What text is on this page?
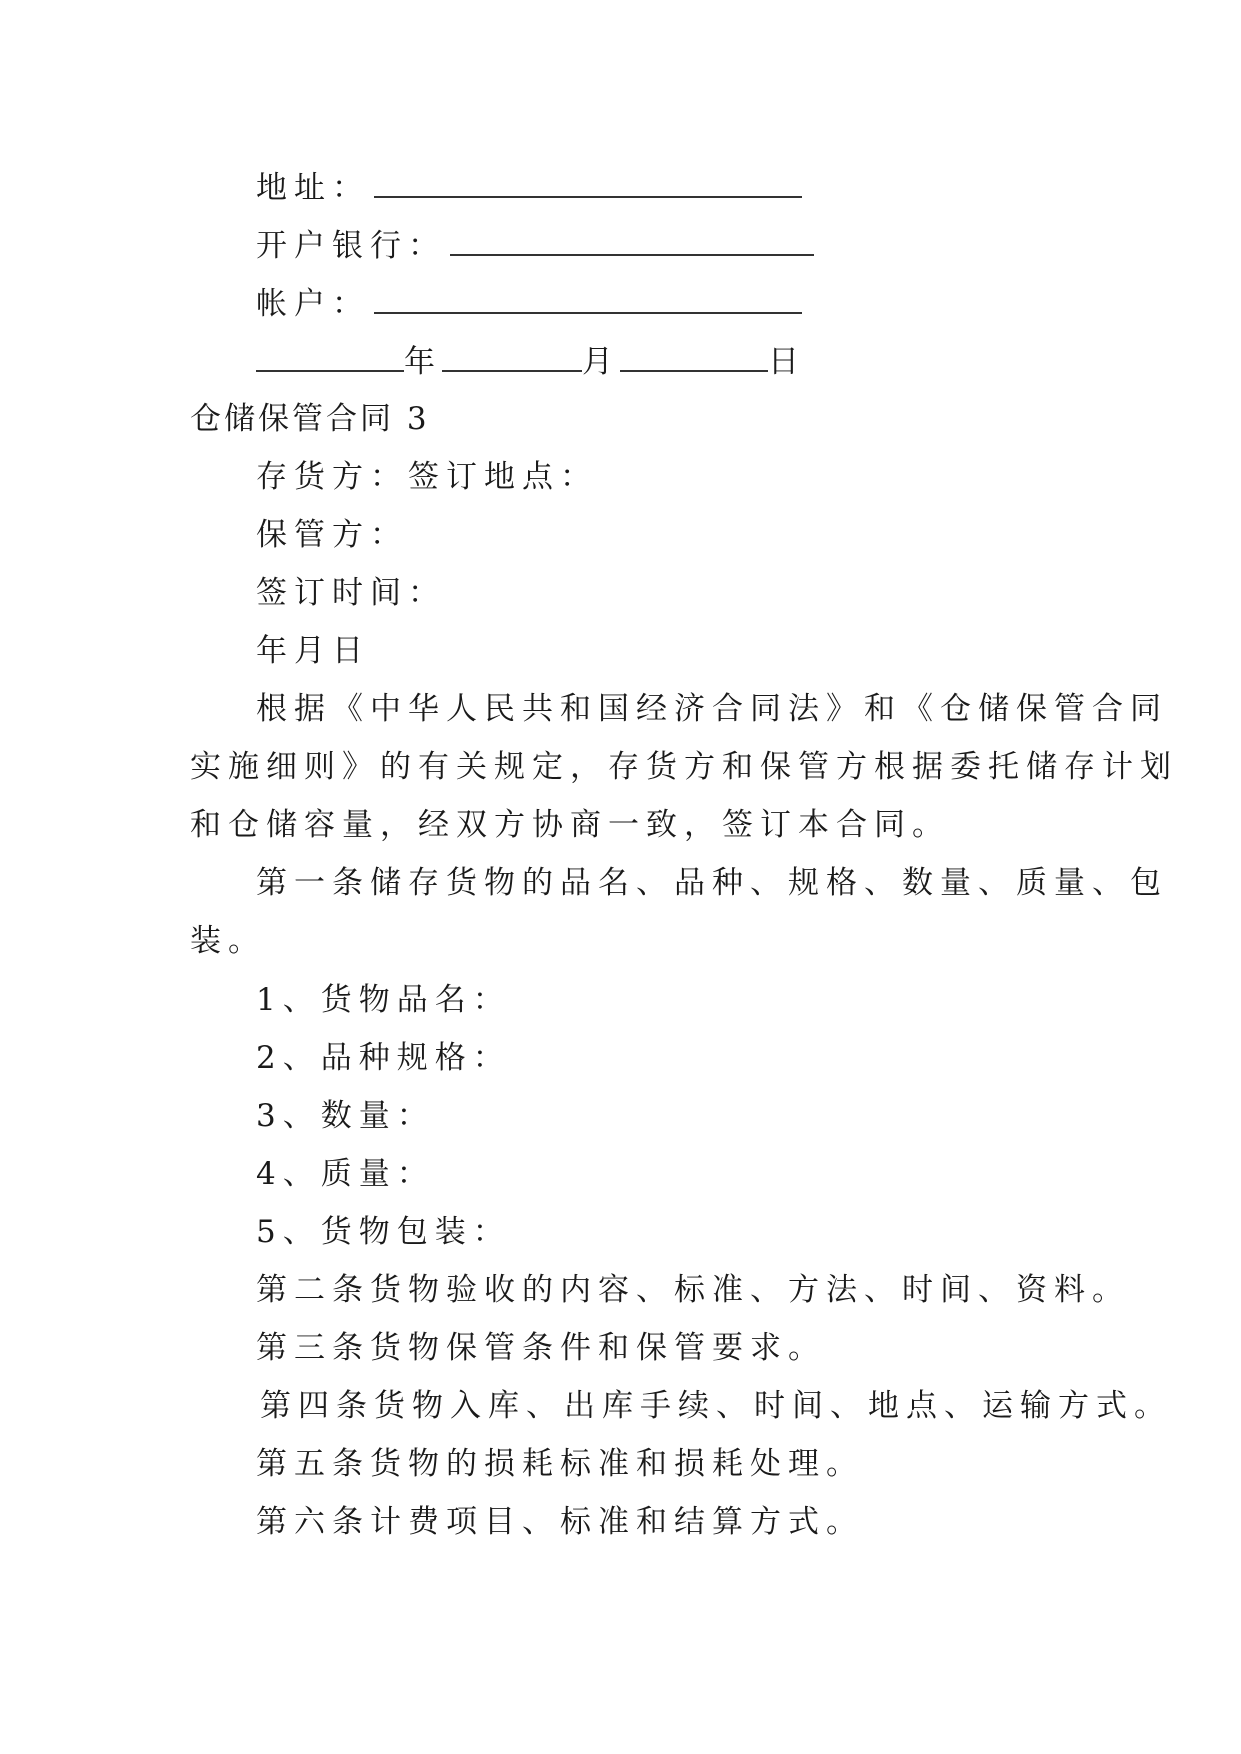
地址：
开户银行：
帐户：
年	月	日
仓储保管合同 3
存货方：签订地点：
保管方：
签订时间：
年月日
根据《中华人民共和国经济合同法》和《仓储保管合同
实施细则》的有关规定，存货方和保管方根据委托储存计划
和仓储容量，经双方协商一致，签订本合同。
第一条储存货物的品名、品种、规格、数量、质量、包
装。
1、货物品名：
2、品种规格：
3、数量：
4、质量：
5、货物包装：
第二条货物验收的内容、标准、方法、时间、资料。
第三条货物保管条件和保管要求。
第四条货物入库、出库手续、时间、地点、运输方式。
第五条货物的损耗标准和损耗处理。
第六条计费项目、标准和结算方式。
